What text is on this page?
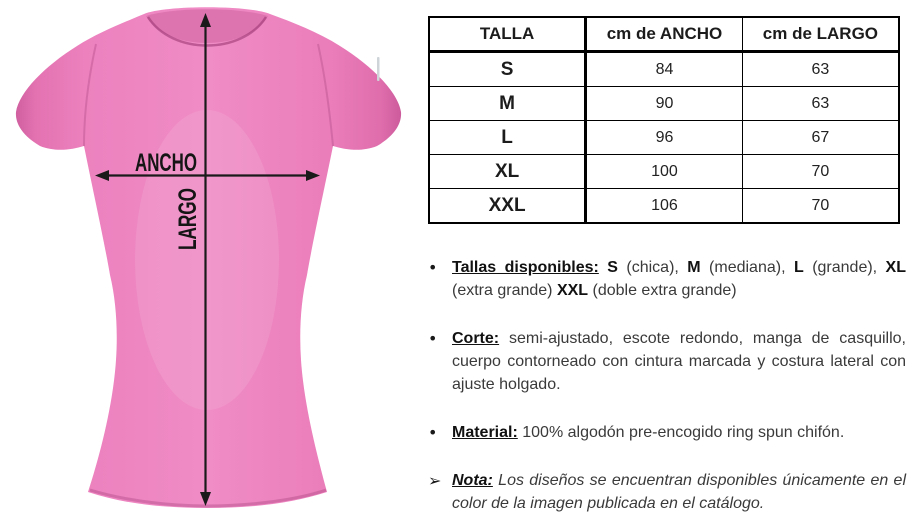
ANCHO
LARGO
TALLA	cm de ANCHO	cm de LARGO
S	84	63
M	90	63
L	96	67
XL	100	70
XXL	106	70
• Tallas disponibles: S (chica), M (mediana), L (grande), XL (extra grande) XXL (doble extra grande)
• Corte: semi-ajustado, escote redondo, manga de casquillo, cuerpo contorneado con cintura marcada y costura lateral con ajuste holgado.
• Material: 100% algodón pre-encogido ring spun chifón.
➢ Nota: Los diseños se encuentran disponibles únicamente en el color de la imagen publicada en el catálogo.
